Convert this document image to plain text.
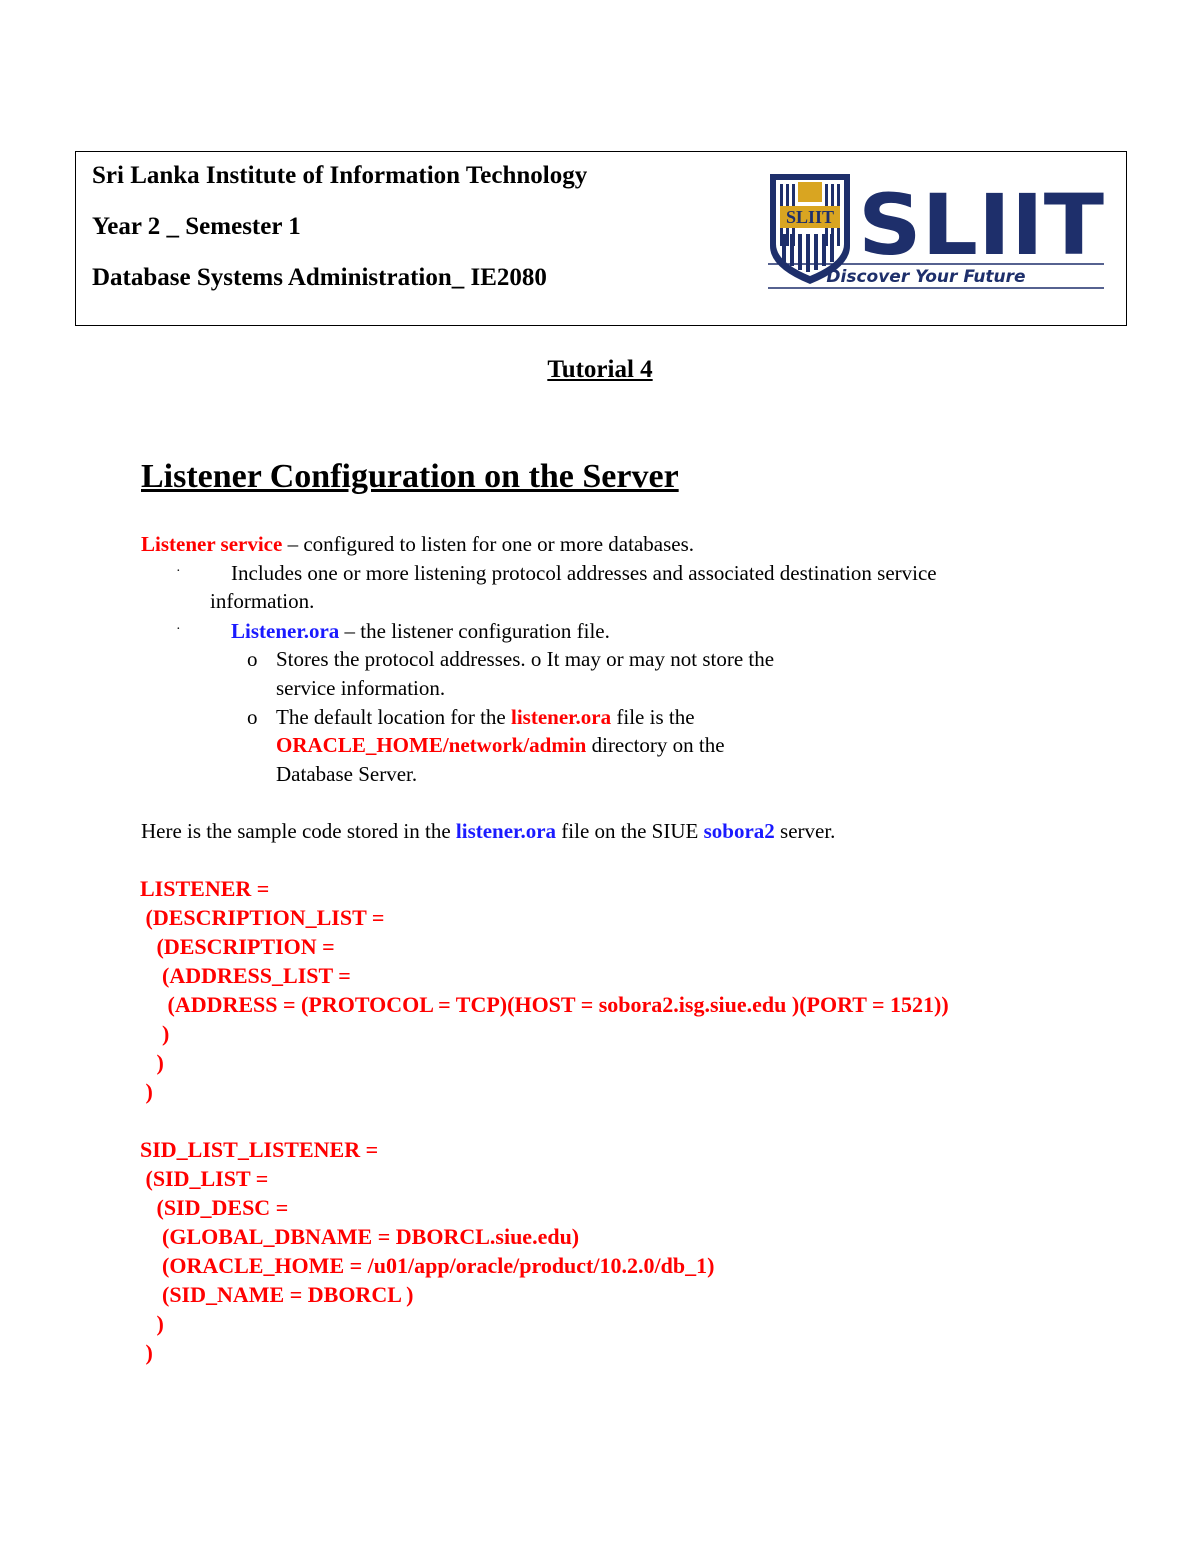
Sri Lanka Institute of Information Technology
Year 2 _ Semester 1
Database Systems Administration_ IE2080
SLIIT SLIIT
Discover Your Future
Tutorial 4
Listener Configuration on the Server
Listener service – configured to listen for one or more databases.
· Includes one or more listening protocol addresses and associated destination service
information.
· Listener.ora – the listener configuration file.
o Stores the protocol addresses. o It may or may not store the
service information.
o The default location for the listener.ora file is the
ORACLE_HOME/network/admin directory on the
Database Server.
Here is the sample code stored in the listener.ora file on the SIUE sobora2 server.
LISTENER =
(DESCRIPTION_LIST =
(DESCRIPTION =
(ADDRESS_LIST =
(ADDRESS = (PROTOCOL = TCP)(HOST = sobora2.isg.siue.edu )(PORT = 1521))
)
)
)
SID_LIST_LISTENER =
(SID_LIST =
(SID_DESC =
(GLOBAL_DBNAME = DBORCL.siue.edu)
(ORACLE_HOME = /u01/app/oracle/product/10.2.0/db_1)
(SID_NAME = DBORCL )
)
)
